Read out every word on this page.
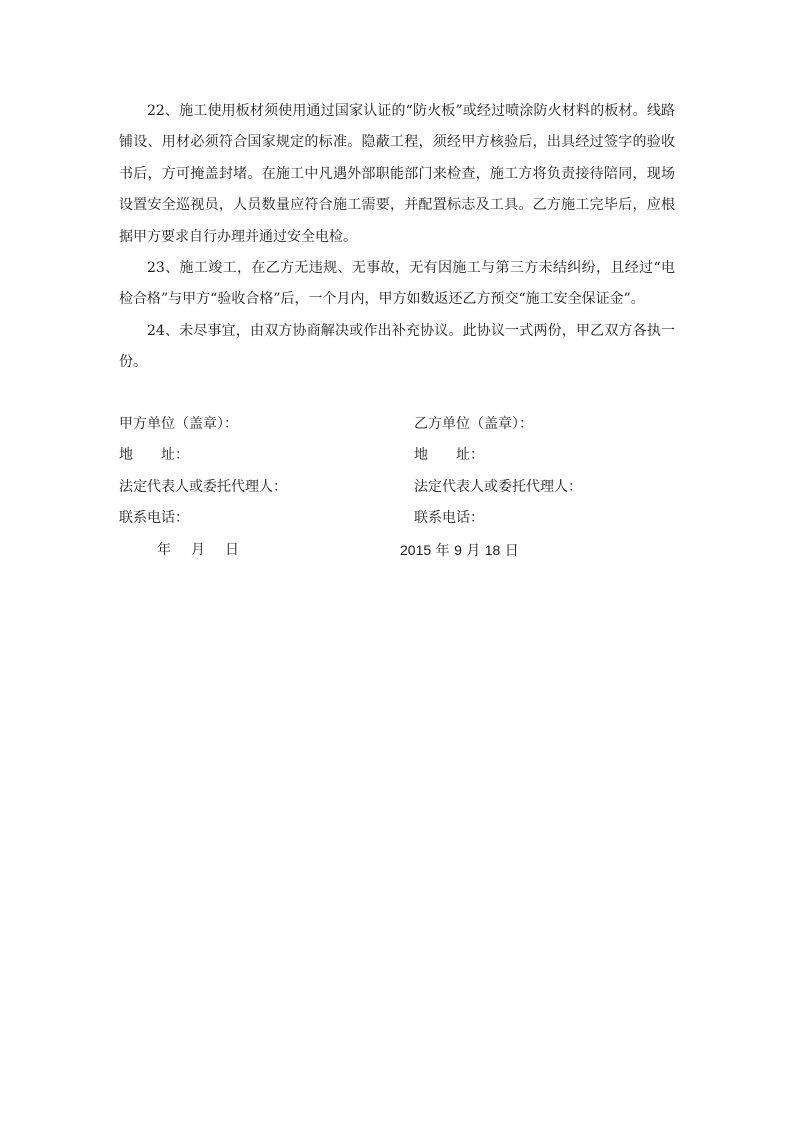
22、施工使用板材须使用通过国家认证的“防火板”或经过喷涂防火材料的板材。线路铺设、用材必须符合国家规定的标准。隐蔽工程，须经甲方核验后，出具经过签字的验收书后，方可掩盖封堵。在施工中凡遇外部职能部门来检查，施工方将负责接待陪同，现场设置安全巡视员，人员数量应符合施工需要，并配置标志及工具。乙方施工完毕后，应根据甲方要求自行办理并通过安全电检。

23、施工竣工，在乙方无违规、无事故，无有因施工与第三方未结纠纷，且经过“电检合格”与甲方“验收合格”后，一个月内，甲方如数返还乙方预交“施工安全保证金”。

24、未尽事宜，由双方协商解决或作出补充协议。此协议一式两份，甲乙双方各执一份。

甲方单位（盖章）：	乙方单位（盖章）：
地 址：	地 址：
法定代表人或委托代理人：	法定代表人或委托代理人：
联系电话：	联系电话：
年 月 日	2015 年 9 月 18 日
